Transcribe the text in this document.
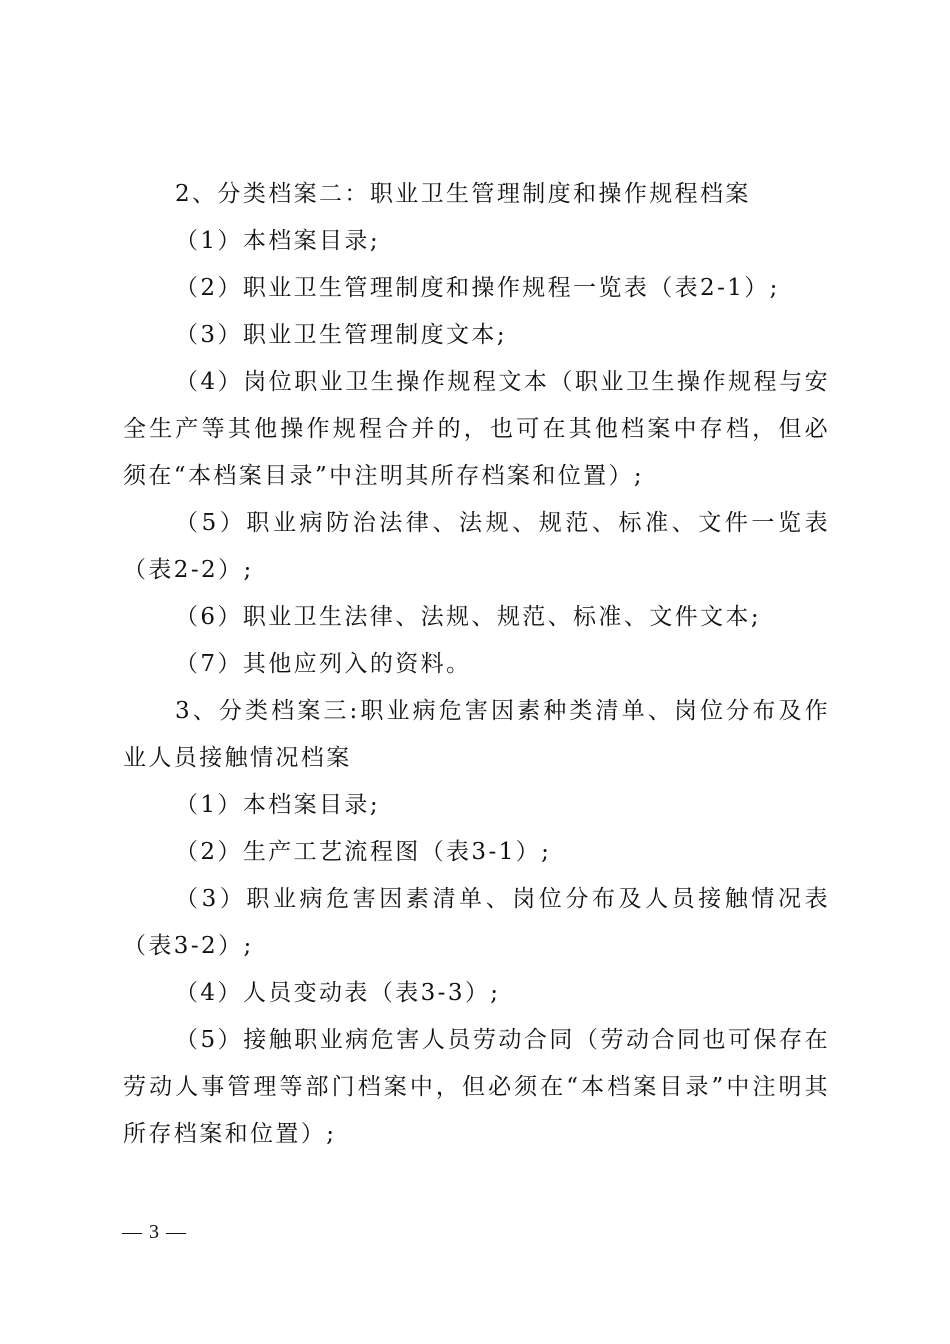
2、分类档案二：职业卫生管理制度和操作规程档案

（1）本档案目录;

（2）职业卫生管理制度和操作规程一览表（表2-1）;

（3）职业卫生管理制度文本;

（4）岗位职业卫生操作规程文本（职业卫生操作规程与安全生产等其他操作规程合并的，也可在其他档案中存档，但必须在“本档案目录”中注明其所存档案和位置）;

（5）职业病防治法律、法规、规范、标准、文件一览表（表2-2）;

（6）职业卫生法律、法规、规范、标准、文件文本;

（7）其他应列入的资料。

3、分类档案三:职业病危害因素种类清单、岗位分布及作业人员接触情况档案

（1）本档案目录;

（2）生产工艺流程图（表3-1）;

（3）职业病危害因素清单、岗位分布及人员接触情况表（表3-2）;

（4）人员变动表（表3-3）;

（5）接触职业病危害人员劳动合同（劳动合同也可保存在劳动人事管理等部门档案中，但必须在“本档案目录”中注明其所存档案和位置）;

— 3 —
